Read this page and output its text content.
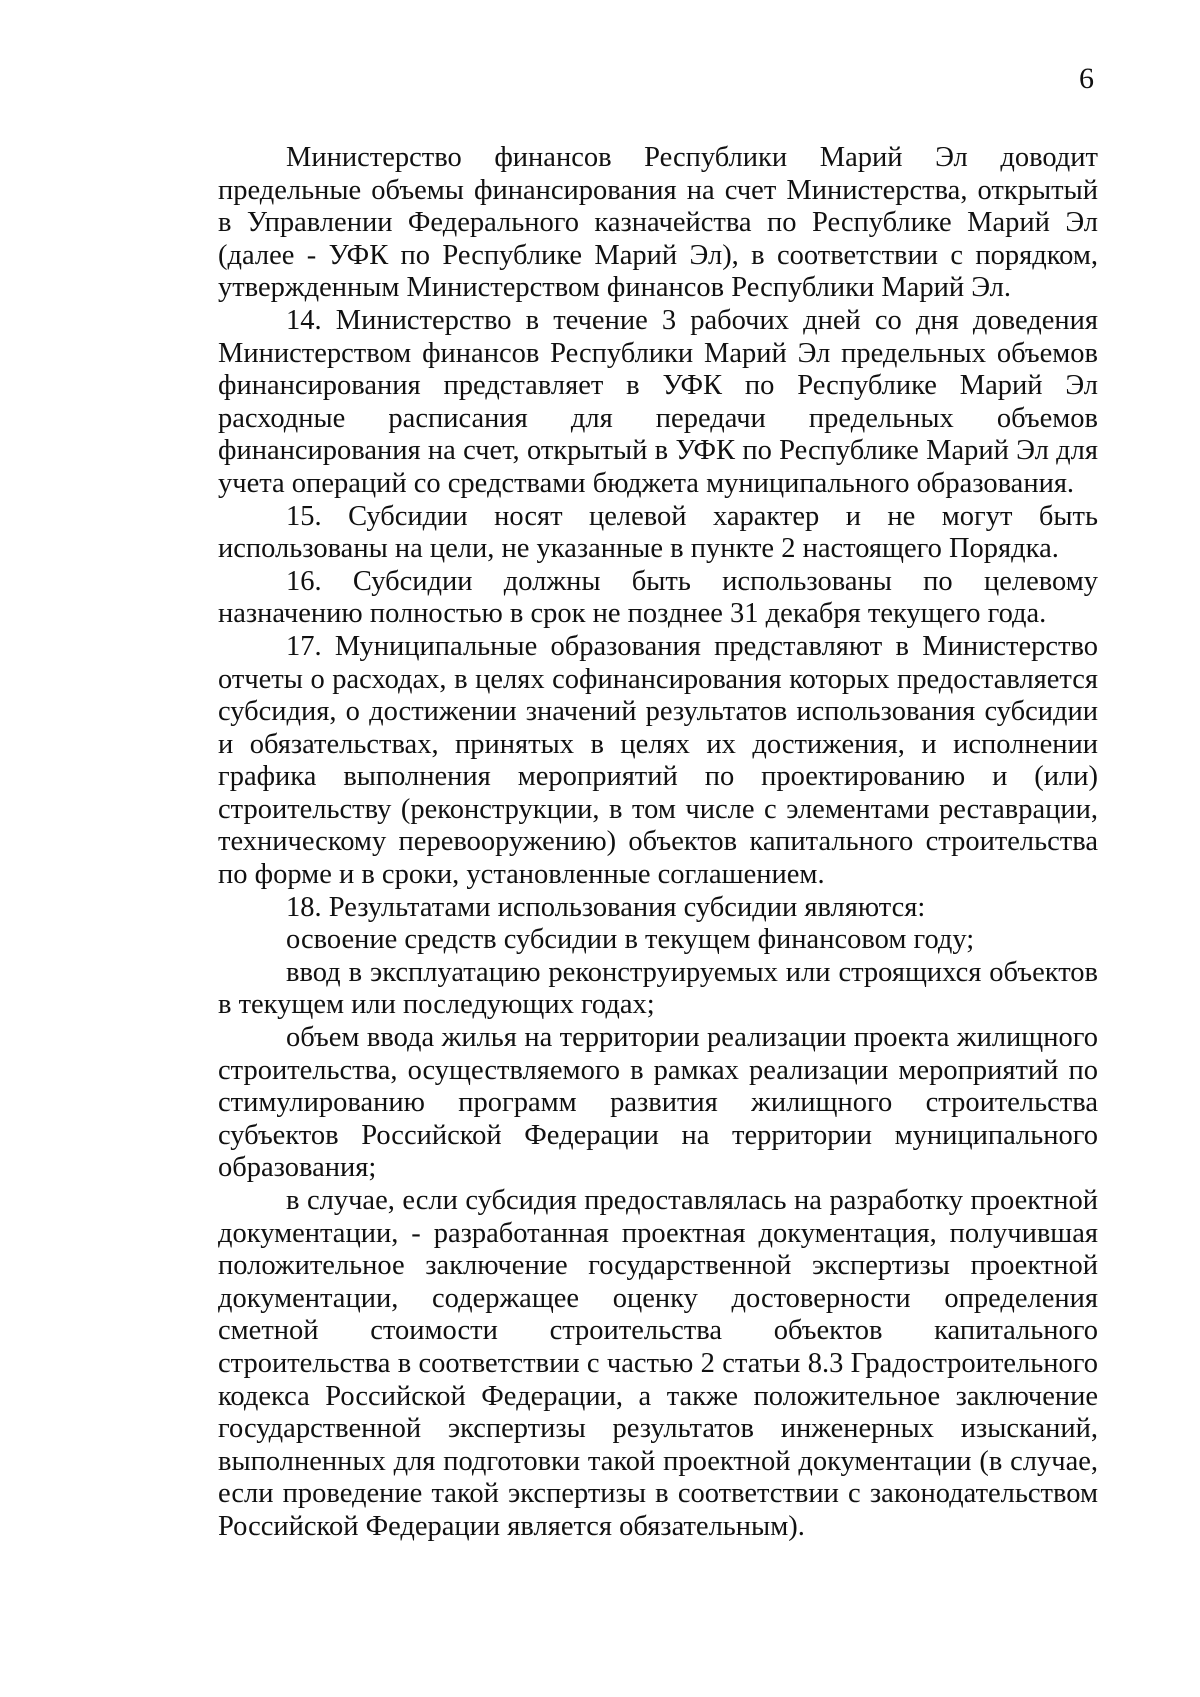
6

Министерство финансов Республики Марий Эл доводит предельные объемы финансирования на счет Министерства, открытый в Управлении Федерального казначейства по Республике Марий Эл (далее - УФК по Республике Марий Эл), в соответствии с порядком, утвержденным Министерством финансов Республики Марий Эл.

14. Министерство в течение 3 рабочих дней со дня доведения Министерством финансов Республики Марий Эл предельных объемов финансирования представляет в УФК по Республике Марий Эл расходные расписания для передачи предельных объемов финансирования на счет, открытый в УФК по Республике Марий Эл для учета операций со средствами бюджета муниципального образования.

15. Субсидии носят целевой характер и не могут быть использованы на цели, не указанные в пункте 2 настоящего Порядка.

16. Субсидии должны быть использованы по целевому назначению полностью в срок не позднее 31 декабря текущего года.

17. Муниципальные образования представляют в Министерство отчеты о расходах, в целях софинансирования которых предоставляется субсидия, о достижении значений результатов использования субсидии и обязательствах, принятых в целях их достижения, и исполнении графика выполнения мероприятий по проектированию и (или) строительству (реконструкции, в том числе с элементами реставрации, техническому перевооружению) объектов капитального строительства по форме и в сроки, установленные соглашением.

18. Результатами использования субсидии являются:

освоение средств субсидии в текущем финансовом году;

ввод в эксплуатацию реконструируемых или строящихся объектов в текущем или последующих годах;

объем ввода жилья на территории реализации проекта жилищного строительства, осуществляемого в рамках реализации мероприятий по стимулированию программ развития жилищного строительства субъектов Российской Федерации на территории муниципального образования;

в случае, если субсидия предоставлялась на разработку проектной документации, - разработанная проектная документация, получившая положительное заключение государственной экспертизы проектной документации, содержащее оценку достоверности определения сметной стоимости строительства объектов капитального строительства в соответствии с частью 2 статьи 8.3 Градостроительного кодекса Российской Федерации, а также положительное заключение государственной экспертизы результатов инженерных изысканий, выполненных для подготовки такой проектной документации (в случае, если проведение такой экспертизы в соответствии с законодательством Российской Федерации является обязательным).
